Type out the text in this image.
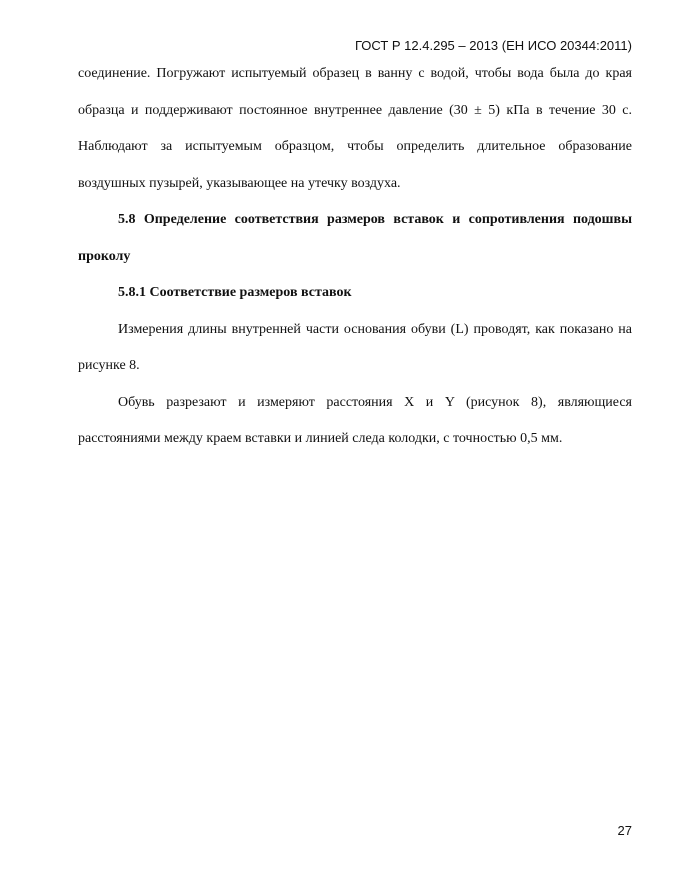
ГОСТ Р 12.4.295 – 2013 (ЕН ИСО 20344:2011)

соединение. Погружают испытуемый образец в ванну с водой, чтобы вода была до края образца и поддерживают постоянное внутреннее давление (30 ± 5) кПа в течение 30 с. Наблюдают за испытуемым образцом, чтобы определить длительное образование воздушных пузырей, указывающее на утечку воздуха.

5.8 Определение соответствия размеров вставок и сопротивления подошвы проколу

5.8.1 Соответствие размеров вставок

Измерения длины внутренней части основания обуви (L) проводят, как показано на рисунке 8.

Обувь разрезают и измеряют расстояния X и Y (рисунок 8), являющиеся расстояниями между краем вставки и линией следа колодки, с точностью 0,5 мм.

27
